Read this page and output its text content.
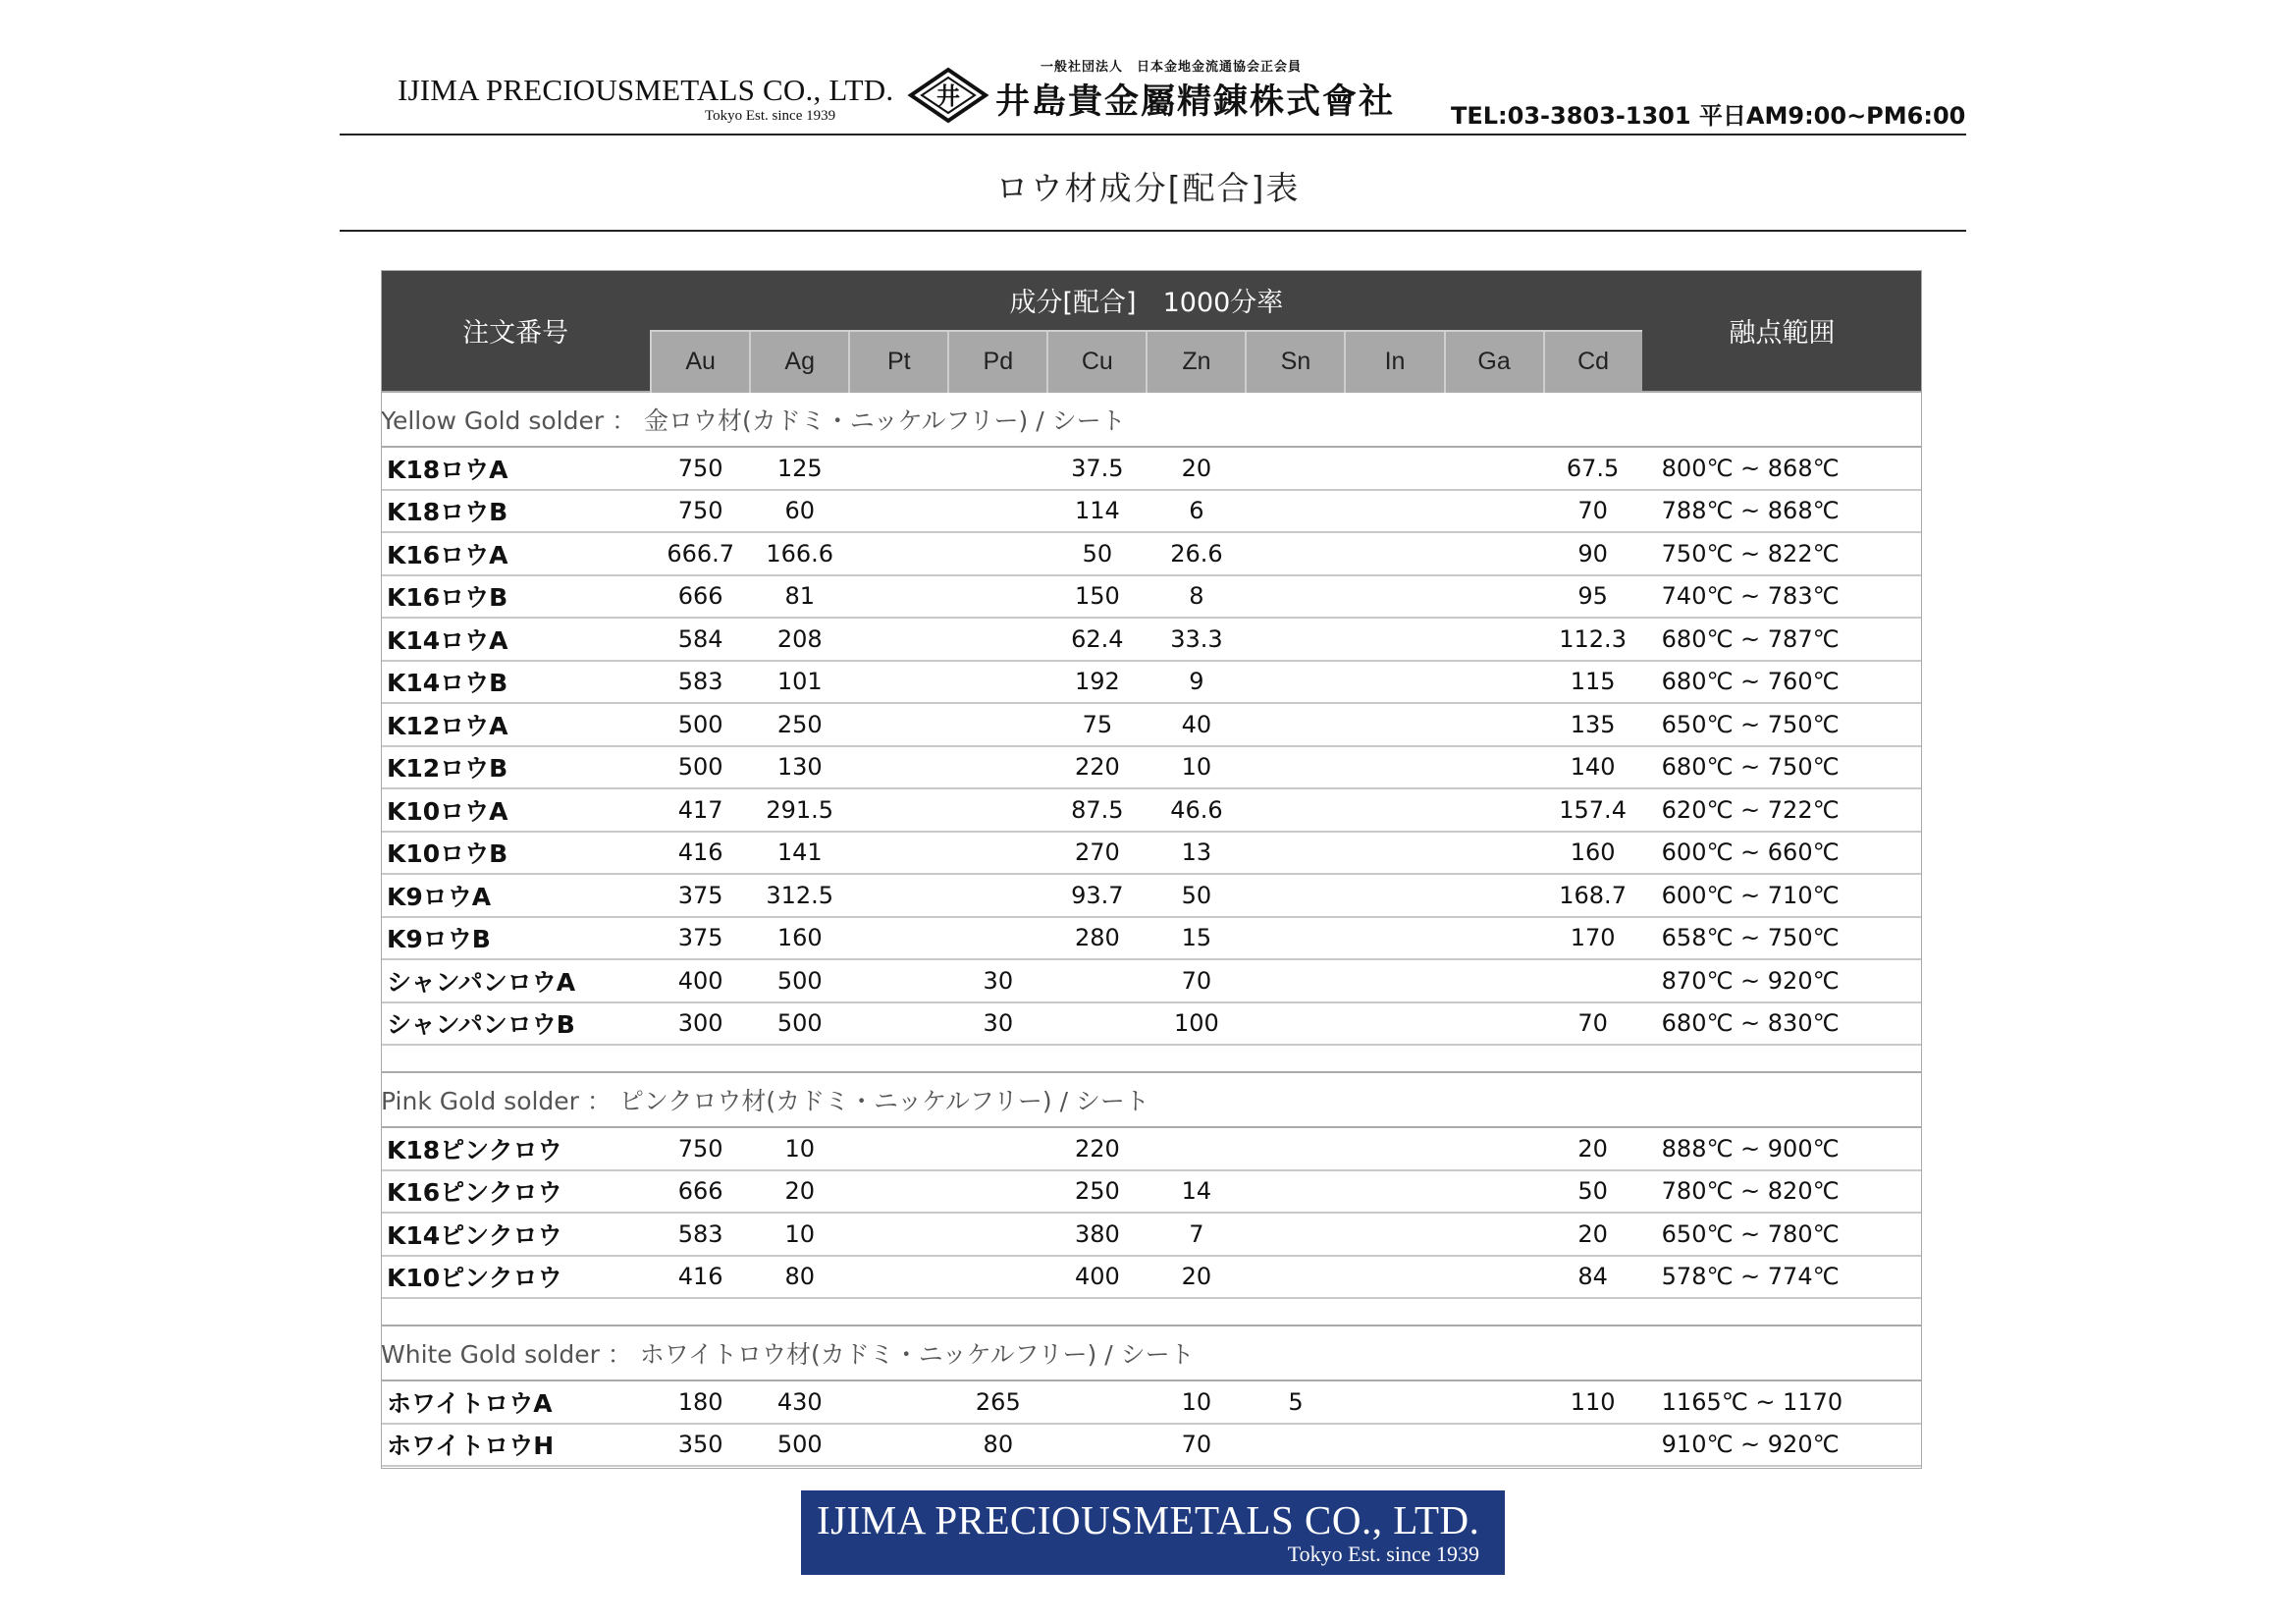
IJIMA PRECIOUSMETALS CO., LTD.
Tokyo Est. since 1939
井
一般社団法人　日本金地金流通協会正会員
井島貴金屬精錬株式會社 TEL:03-3803-1301 平日AM9:00~PM6:00
ロウ材成分[配合]表
注文番号	成分[配合]　1000分率										融点範囲
	Au	Ag	Pt	Pd	Cu	Zn	Sn	In	Ga	Cd	
Yellow Gold solder ： 金ロウ材(カドミ・ニッケルフリー) / シート											
K18ロウA	750	125			37.5	20				67.5	800℃ ~ 868℃
K18ロウB	750	60			114	6				70	788℃ ~ 868℃
K16ロウA	666.7	166.6			50	26.6				90	750℃ ~ 822℃
K16ロウB	666	81			150	8				95	740℃ ~ 783℃
K14ロウA	584	208			62.4	33.3				112.3	680℃ ~ 787℃
K14ロウB	583	101			192	9				115	680℃ ~ 760℃
K12ロウA	500	250			75	40				135	650℃ ~ 750℃
K12ロウB	500	130			220	10				140	680℃ ~ 750℃
K10ロウA	417	291.5			87.5	46.6				157.4	620℃ ~ 722℃
K10ロウB	416	141			270	13				160	600℃ ~ 660℃
K9ロウA	375	312.5			93.7	50				168.7	600℃ ~ 710℃
K9ロウB	375	160			280	15				170	658℃ ~ 750℃
シャンパンロウA	400	500		30		70					870℃ ~ 920℃
シャンパンロウB	300	500		30		100				70	680℃ ~ 830℃

Pink Gold solder ： ピンクロウ材(カドミ・ニッケルフリー) / シート											
K18ピンクロウ	750	10			220					20	888℃ ~ 900℃
K16ピンクロウ	666	20			250	14				50	780℃ ~ 820℃
K14ピンクロウ	583	10			380	7				20	650℃ ~ 780℃
K10ピンクロウ	416	80			400	20				84	578℃ ~ 774℃

White Gold solder ： ホワイトロウ材(カドミ・ニッケルフリー) / シート											
ホワイトロウA	180	430		265		10	5			110	1165℃ ~ 1170
ホワイトロウH	350	500		80		70					910℃ ~ 920℃
IJIMA PRECIOUSMETALS CO., LTD.
Tokyo Est. since 1939
